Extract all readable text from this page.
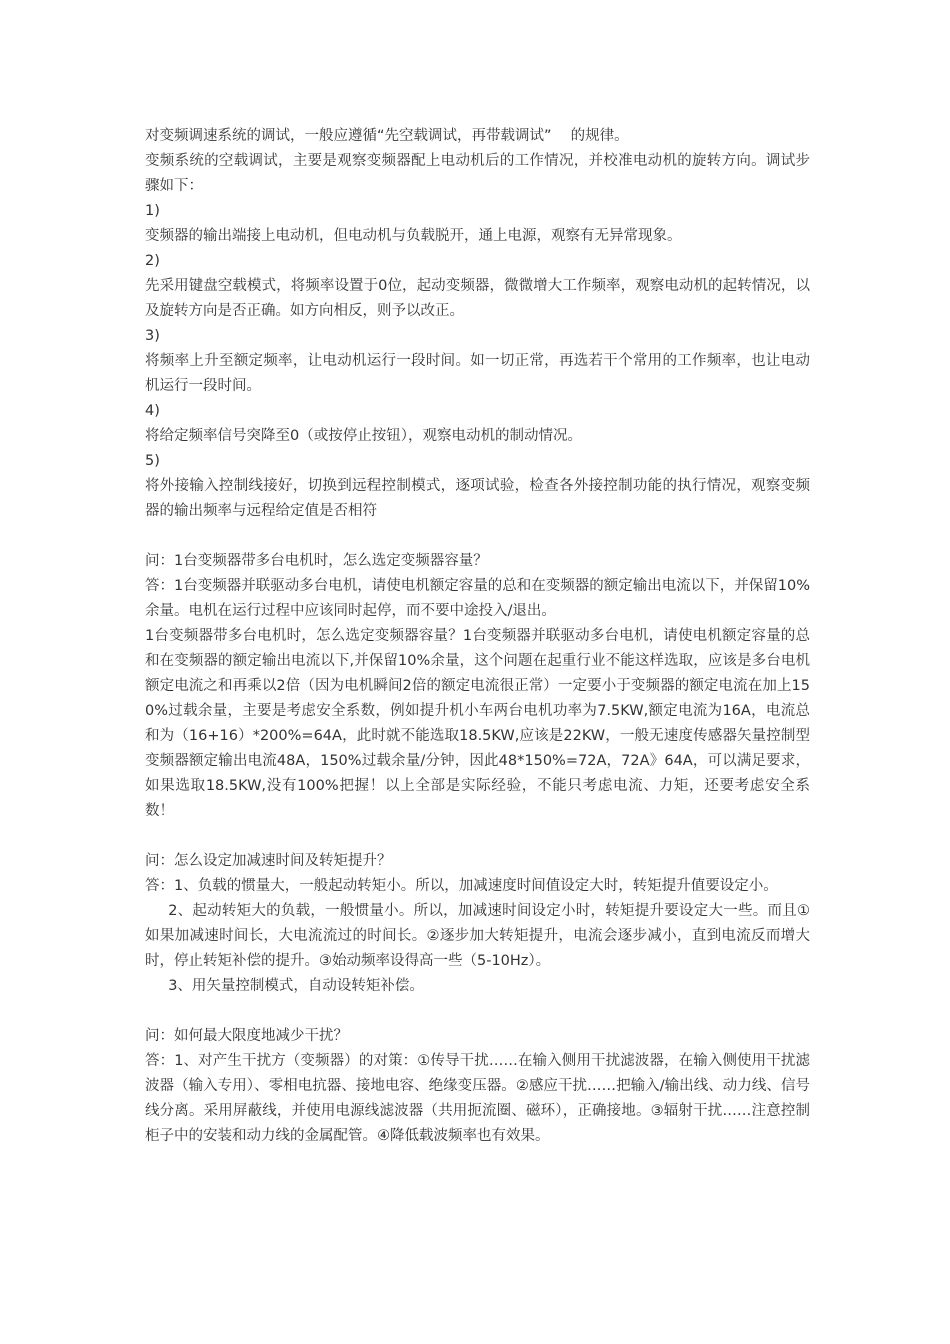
对变频调速系统的调试，一般应遵循“先空载调试，再带载调试”　 的规律。

变频系统的空载调试，主要是观察变频器配上电动机后的工作情况，并校准电动机的旋转方向。调试步骤如下：

1)

变频器的输出端接上电动机，但电动机与负载脱开，通上电源，观察有无异常现象。

2)

先采用键盘空载模式，将频率设置于0位，起动变频器，微微增大工作频率，观察电动机的起转情况，以及旋转方向是否正确。如方向相反，则予以改正。

3)

将频率上升至额定频率，让电动机运行一段时间。如一切正常，再选若干个常用的工作频率，也让电动机运行一段时间。

4)

将给定频率信号突降至0（或按停止按钮），观察电动机的制动情况。

5)

将外接输入控制线接好，切换到远程控制模式，逐项试验，检查各外接控制功能的执行情况，观察变频器的输出频率与远程给定值是否相符

问：1台变频器带多台电机时，怎么选定变频器容量？

答：1台变频器并联驱动多台电机，请使电机额定容量的总和在变频器的额定输出电流以下，并保留10%余量。电机在运行过程中应该同时起停，而不要中途投入/退出。

1台变频器带多台电机时，怎么选定变频器容量？1台变频器并联驱动多台电机，请使电机额定容量的总和在变频器的额定输出电流以下,并保留10%余量，这个问题在起重行业不能这样选取，应该是多台电机额定电流之和再乘以2倍（因为电机瞬间2倍的额定电流很正常）一定要小于变频器的额定电流在加上150%过载余量，主要是考虑安全系数，例如提升机小车两台电机功率为7.5KW,额定电流为16A，电流总和为（16+16）*200%=64A，此时就不能选取18.5KW,应该是22KW，一般无速度传感器矢量控制型变频器额定输出电流48A，150%过载余量/分钟，因此48*150%=72A，72A》64A，可以满足要求，如果选取18.5KW,没有100%把握！以上全部是实际经验，不能只考虑电流、力矩，还要考虑安全系数！

问：怎么设定加减速时间及转矩提升？

答：1、负载的惯量大，一般起动转矩小。所以，加减速度时间值设定大时，转矩提升值要设定小。

2、起动转矩大的负载，一般惯量小。所以，加减速时间设定小时，转矩提升要设定大一些。而且①如果加减速时间长，大电流流过的时间长。②逐步加大转矩提升，电流会逐步减小，直到电流反而增大时，停止转矩补偿的提升。③始动频率设得高一些（5-10Hz）。

3、用矢量控制模式，自动设转矩补偿。

问：如何最大限度地减少干扰？

答：1、对产生干扰方（变频器）的对策：①传导干扰……在输入侧用干扰滤波器，在输入侧使用干扰滤波器（输入专用）、零相电抗器、接地电容、绝缘变压器。②感应干扰……把输入/输出线、动力线、信号线分离。采用屏蔽线，并使用电源线滤波器（共用扼流圈、磁环），正确接地。③辐射干扰……注意控制柜子中的安装和动力线的金属配管。④降低载波频率也有效果。
